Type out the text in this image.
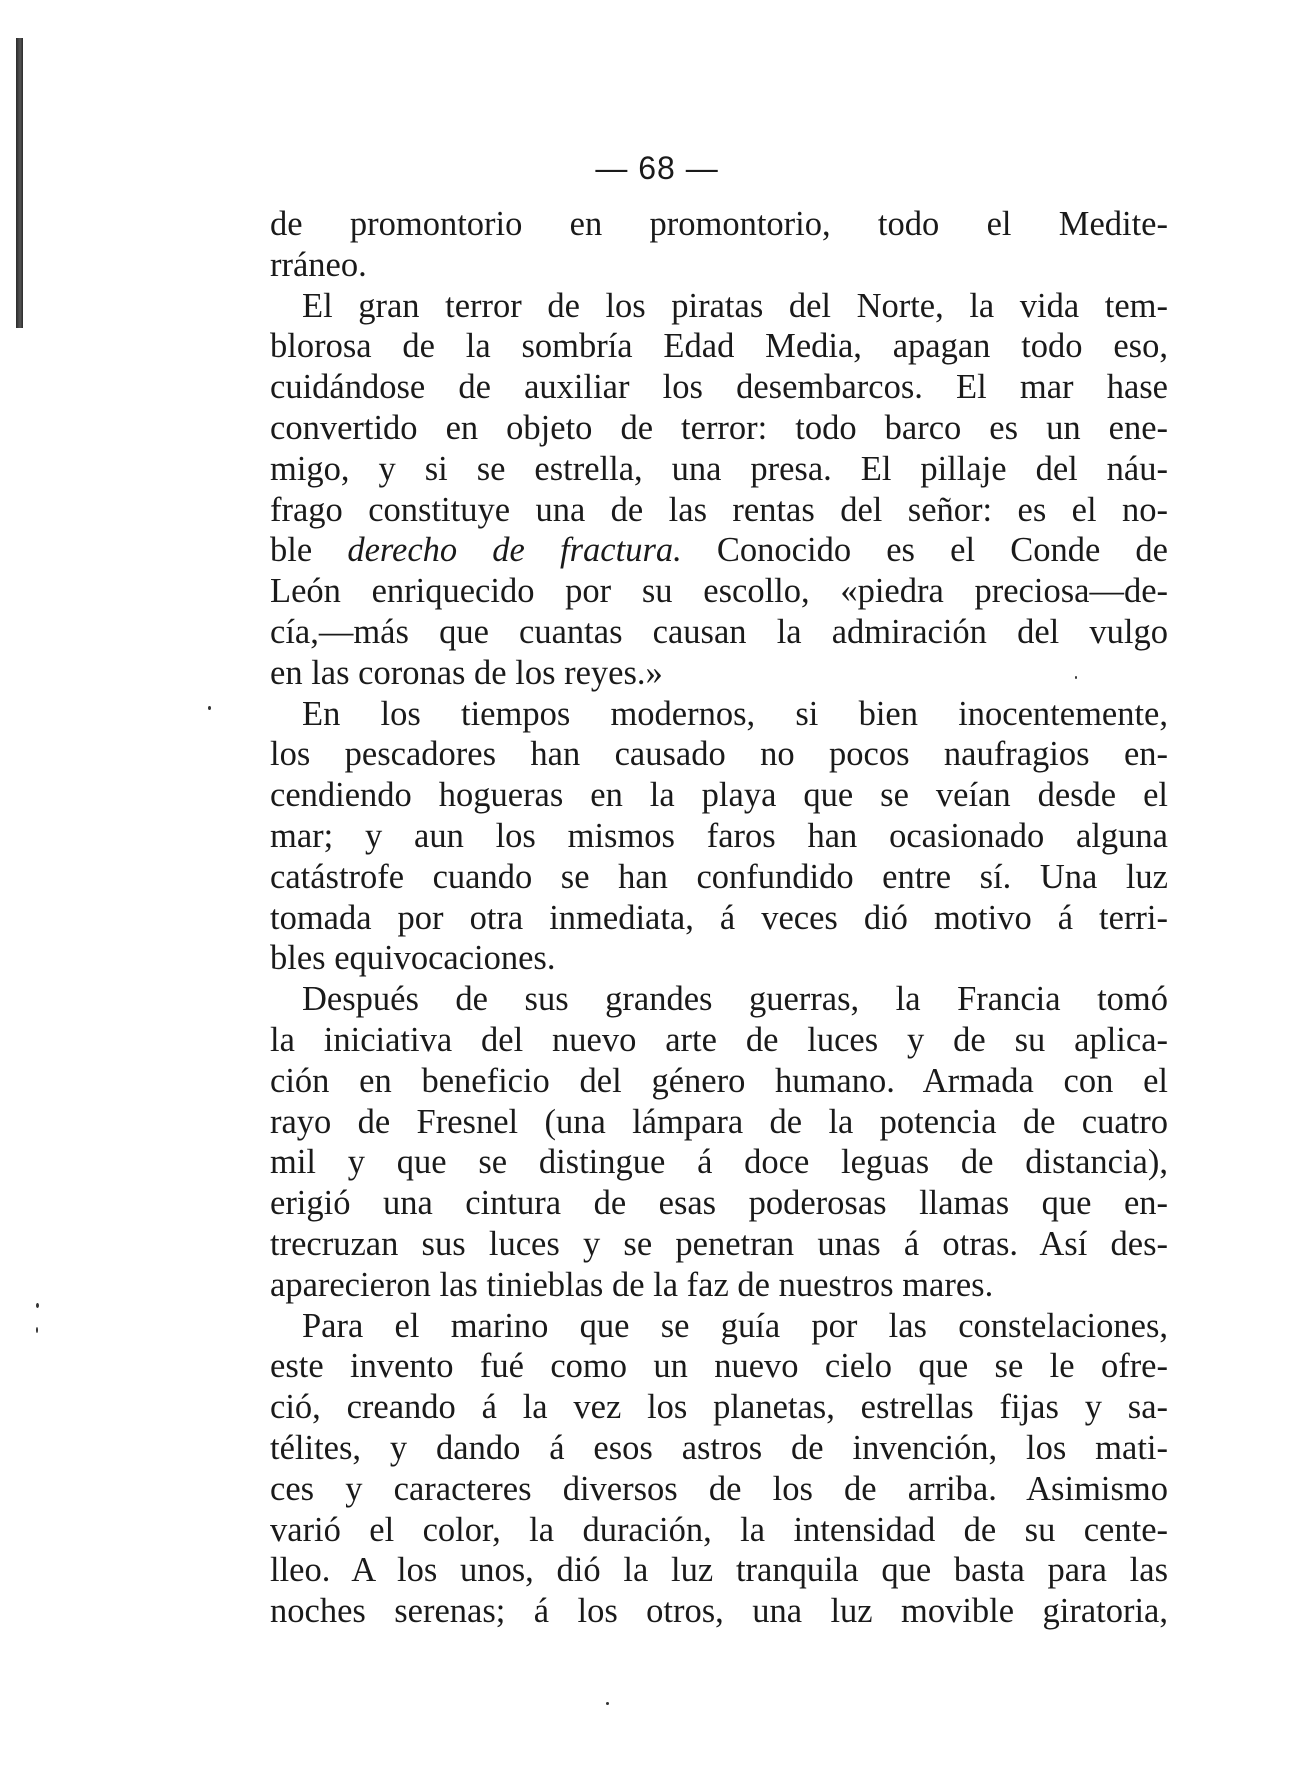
— 68 —
de promontorio en promontorio, todo el Medite-
rráneo.
El gran terror de los piratas del Norte, la vida tem-
blorosa de la sombría Edad Media, apagan todo eso,
cuidándose de auxiliar los desembarcos. El mar hase
convertido en objeto de terror: todo barco es un ene-
migo, y si se estrella, una presa. El pillaje del náu-
frago constituye una de las rentas del señor: es el no-
ble derecho de fractura. Conocido es el Conde de
León enriquecido por su escollo, «piedra preciosa—de-
cía,—más que cuantas causan la admiración del vulgo
en las coronas de los reyes.»
En los tiempos modernos, si bien inocentemente,
los pescadores han causado no pocos naufragios en-
cendiendo hogueras en la playa que se veían desde el
mar; y aun los mismos faros han ocasionado alguna
catástrofe cuando se han confundido entre sí. Una luz
tomada por otra inmediata, á veces dió motivo á terri-
bles equivocaciones.
Después de sus grandes guerras, la Francia tomó
la iniciativa del nuevo arte de luces y de su aplica-
ción en beneficio del género humano. Armada con el
rayo de Fresnel (una lámpara de la potencia de cuatro
mil y que se distingue á doce leguas de distancia),
erigió una cintura de esas poderosas llamas que en-
trecruzan sus luces y se penetran unas á otras. Así des-
aparecieron las tinieblas de la faz de nuestros mares.
Para el marino que se guía por las constelaciones,
este invento fué como un nuevo cielo que se le ofre-
ció, creando á la vez los planetas, estrellas fijas y sa-
télites, y dando á esos astros de invención, los mati-
ces y caracteres diversos de los de arriba. Asimismo
varió el color, la duración, la intensidad de su cente-
lleo. A los unos, dió la luz tranquila que basta para las
noches serenas; á los otros, una luz movible giratoria,
